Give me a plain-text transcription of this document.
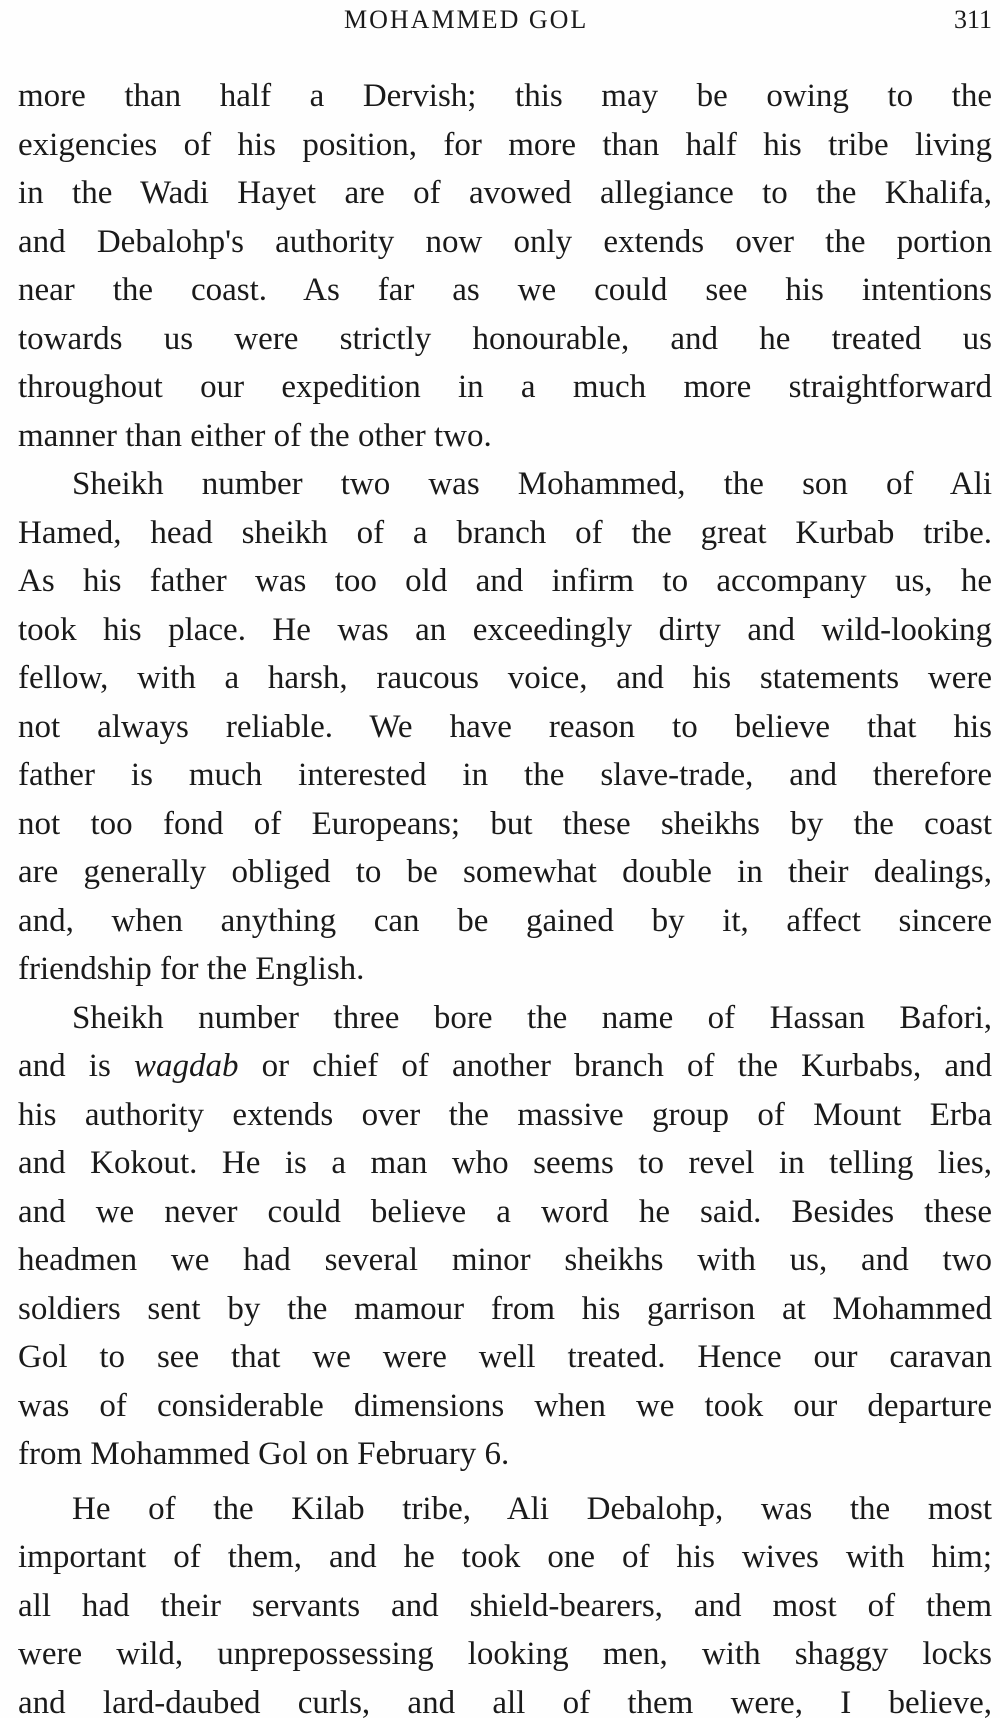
MOHAMMED GOL	311

more than half a Dervish; this may be owing to the
exigencies of his position, for more than half his tribe living
in the Wadi Hayet are of avowed allegiance to the Khalifa,
and Debalohp's authority now only extends over the portion
near the coast. As far as we could see his intentions
towards us were strictly honourable, and he treated us
throughout our expedition in a much more straightforward
manner than either of the other two.

Sheikh number two was Mohammed, the son of Ali
Hamed, head sheikh of a branch of the great Kurbab tribe.
As his father was too old and infirm to accompany us, he
took his place. He was an exceedingly dirty and wild-looking
fellow, with a harsh, raucous voice, and his statements were
not always reliable. We have reason to believe that his
father is much interested in the slave-trade, and therefore
not too fond of Europeans; but these sheikhs by the coast
are generally obliged to be somewhat double in their dealings,
and, when anything can be gained by it, affect sincere
friendship for the English.

Sheikh number three bore the name of Hassan Bafori,
and is wagdab or chief of another branch of the Kurbabs, and
his authority extends over the massive group of Mount Erba
and Kokout. He is a man who seems to revel in telling lies,
and we never could believe a word he said. Besides these
headmen we had several minor sheikhs with us, and two
soldiers sent by the mamour from his garrison at Mohammed
Gol to see that we were well treated. Hence our caravan
was of considerable dimensions when we took our departure
from Mohammed Gol on February 6.

He of the Kilab tribe, Ali Debalohp, was the most
important of them, and he took one of his wives with him;
all had their servants and shield-bearers, and most of them
were wild, unprepossessing looking men, with shaggy locks
and lard-daubed curls, and all of them were, I believe,
